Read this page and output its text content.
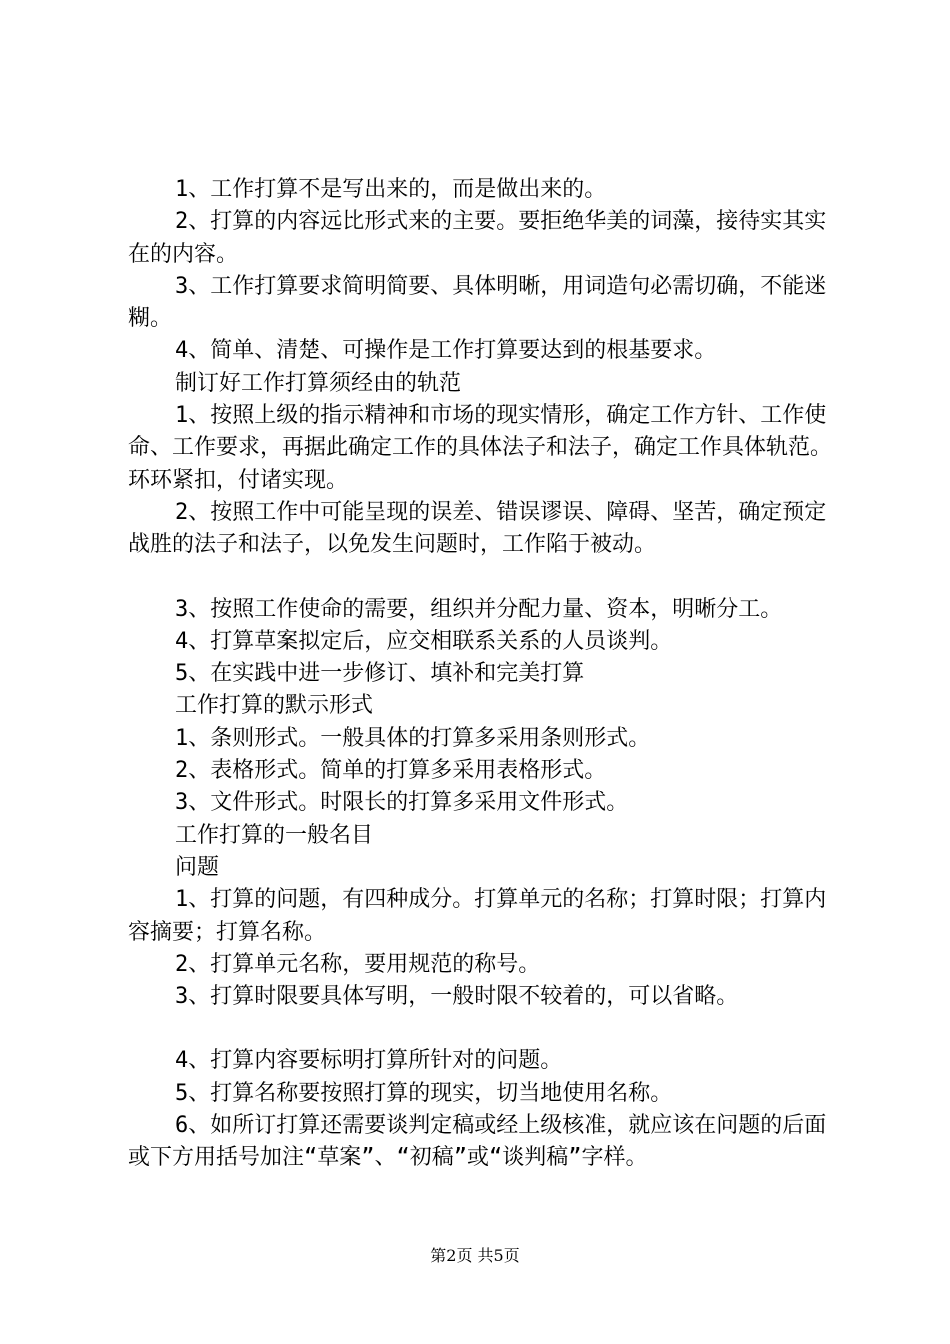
1、工作打算不是写出来的，而是做出来的。

2、打算的内容远比形式来的主要。要拒绝华美的词藻，接待实其实在的内容。

3、工作打算要求简明简要、具体明晰，用词造句必需切确，不能迷糊。

4、简单、清楚、可操作是工作打算要达到的根基要求。

制订好工作打算须经由的轨范

1、按照上级的指示精神和市场的现实情形，确定工作方针、工作使命、工作要求，再据此确定工作的具体法子和法子，确定工作具体轨范。环环紧扣，付诸实现。

2、按照工作中可能呈现的误差、错误谬误、障碍、坚苦，确定预定战胜的法子和法子，以免发生问题时，工作陷于被动。

3、按照工作使命的需要，组织并分配力量、资本，明晰分工。

4、打算草案拟定后，应交相联系关系的人员谈判。

5、在实践中进一步修订、填补和完美打算

工作打算的默示形式

1、条则形式。一般具体的打算多采用条则形式。

2、表格形式。简单的打算多采用表格形式。

3、文件形式。时限长的打算多采用文件形式。

工作打算的一般名目

问题

1、打算的问题，有四种成分。打算单元的名称；打算时限；打算内容摘要；打算名称。

2、打算单元名称，要用规范的称号。

3、打算时限要具体写明，一般时限不较着的，可以省略。

4、打算内容要标明打算所针对的问题。

5、打算名称要按照打算的现实，切当地使用名称。

6、如所订打算还需要谈判定稿或经上级核准，就应该在问题的后面或下方用括号加注“草案”、“初稿”或“谈判稿”字样。

第2页 共5页
